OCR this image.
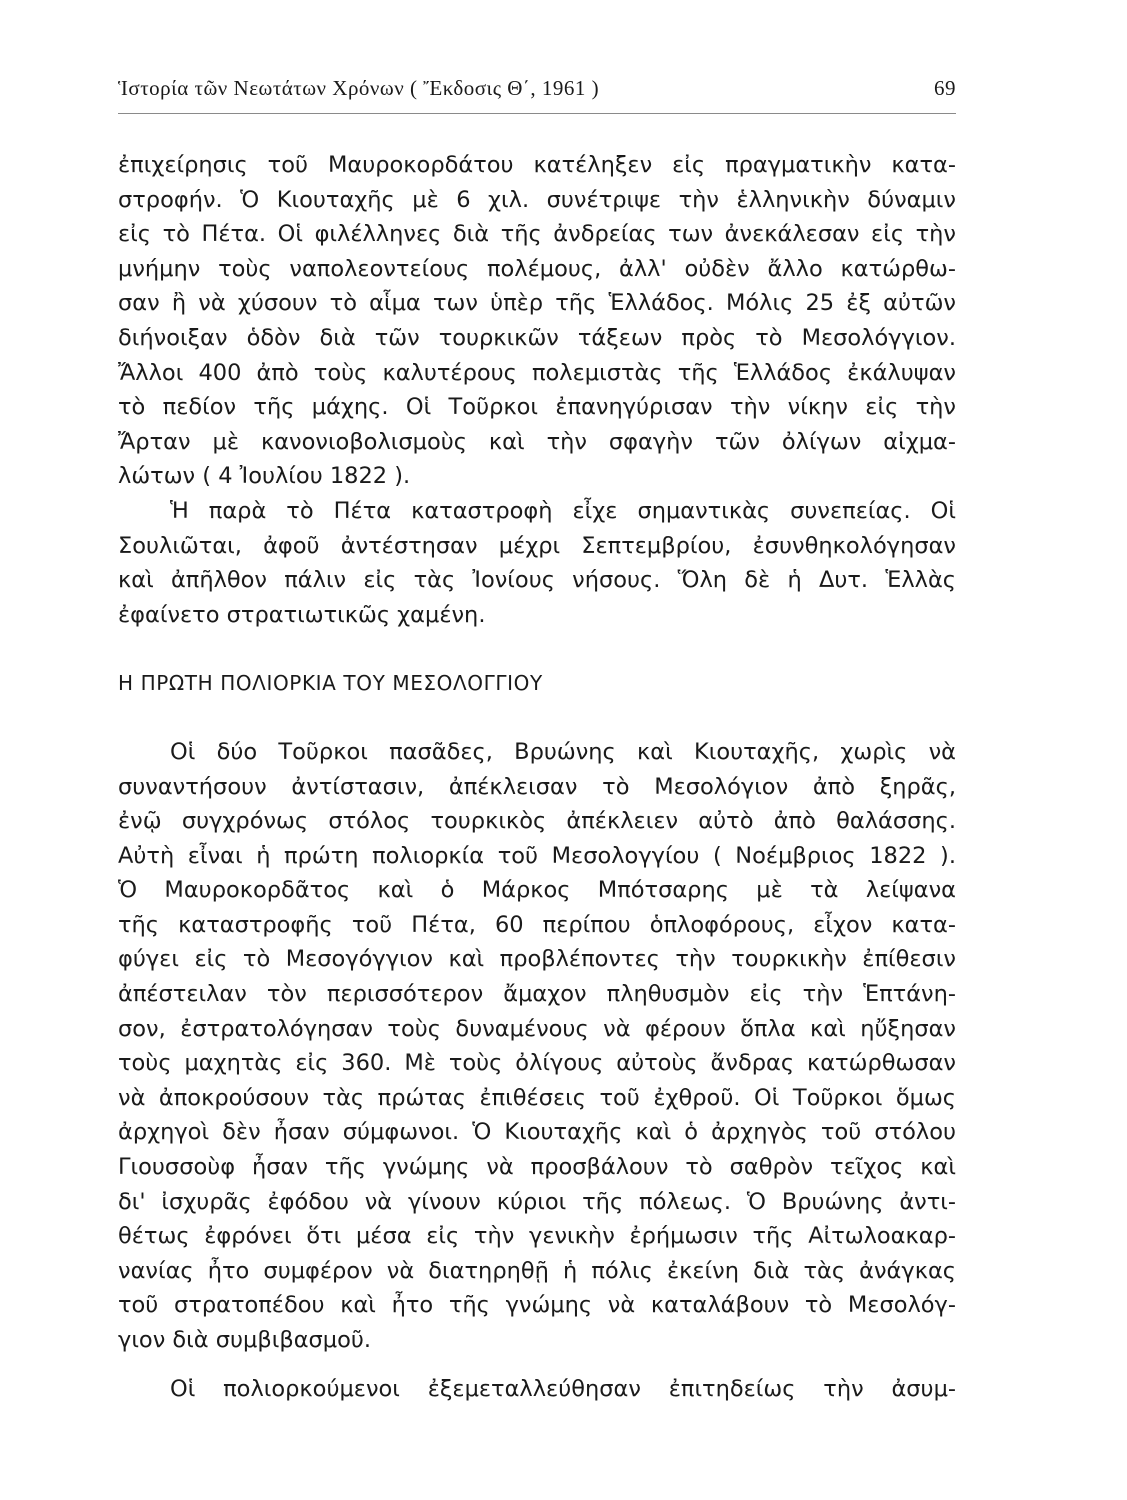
Ἱστορία τῶν Νεωτάτων Χρόνων ( Ἔκδοσις Θ΄, 1961 )	69
ἐπιχείρησις τοῦ Μαυροκορδάτου κατέληξεν εἰς πραγματικὴν κατα-
στροφήν. Ὁ Κιουταχῆς μὲ 6 χιλ. συνέτριψε τὴν ἑλληνικὴν δύναμιν
εἰς τὸ Πέτα. Οἱ φιλέλληνες διὰ τῆς ἀνδρείας των ἀνεκάλεσαν εἰς τὴν
μνήμην τοὺς ναπολεοντείους πολέμους, ἀλλ' οὐδὲν ἄλλο κατώρθω-
σαν ἢ νὰ χύσουν τὸ αἷμα των ὑπὲρ τῆς Ἑλλάδος. Μόλις 25 ἐξ αὐτῶν
διήνοιξαν ὁδὸν διὰ τῶν τουρκικῶν τάξεων πρὸς τὸ Μεσολόγγιον.
Ἄλλοι 400 ἀπὸ τοὺς καλυτέρους πολεμιστὰς τῆς Ἑλλάδος ἐκάλυψαν
τὸ πεδίον τῆς μάχης. Οἱ Τοῦρκοι ἐπανηγύρισαν τὴν νίκην εἰς τὴν
Ἄρταν μὲ κανονιοβολισμοὺς καὶ τὴν σφαγὴν τῶν ὀλίγων αἰχμα-
λώτων ( 4 Ἰουλίου 1822 ).
Ἡ παρὰ τὸ Πέτα καταστροφὴ εἶχε σημαντικὰς συνεπείας. Οἱ
Σουλιῶται, ἀφοῦ ἀντέστησαν μέχρι Σεπτεμβρίου, ἐσυνθηκολόγησαν
καὶ ἀπῆλθον πάλιν εἰς τὰς Ἰονίους νήσους. Ὅλη δὲ ἡ Δυτ. Ἑλλὰς
ἐφαίνετο στρατιωτικῶς χαμένη.
Η ΠΡΩΤΗ ΠΟΛΙΟΡΚΙΑ ΤΟΥ ΜΕΣΟΛΟΓΓΙΟΥ
Οἱ δύο Τοῦρκοι πασᾶδες, Βρυώνης καὶ Κιουταχῆς, χωρὶς νὰ
συναντήσουν ἀντίστασιν, ἀπέκλεισαν τὸ Μεσολόγιον ἀπὸ ξηρᾶς,
ἐνῷ συγχρόνως στόλος τουρκικὸς ἀπέκλειεν αὐτὸ ἀπὸ θαλάσσης.
Αὐτὴ εἶναι ἡ πρώτη πολιορκία τοῦ Μεσολογγίου ( Νοέμβριος 1822 ).
Ὁ Μαυροκορδᾶτος καὶ ὁ Μάρκος Μπότσαρης μὲ τὰ λείψανα
τῆς καταστροφῆς τοῦ Πέτα, 60 περίπου ὁπλοφόρους, εἶχον κατα-
φύγει εἰς τὸ Μεσογόγγιον καὶ προβλέποντες τὴν τουρκικὴν ἐπίθεσιν
ἀπέστειλαν τὸν περισσότερον ἄμαχον πληθυσμὸν εἰς τὴν Ἑπτάνη-
σον, ἐστρατολόγησαν τοὺς δυναμένους νὰ φέρουν ὅπλα καὶ ηὔξησαν
τοὺς μαχητὰς εἰς 360. Μὲ τοὺς ὀλίγους αὐτοὺς ἄνδρας κατώρθωσαν
νὰ ἀποκρούσουν τὰς πρώτας ἐπιθέσεις τοῦ ἐχθροῦ. Οἱ Τοῦρκοι ὅμως
ἀρχηγοὶ δὲν ἦσαν σύμφωνοι. Ὁ Κιουταχῆς καὶ ὁ ἀρχηγὸς τοῦ στόλου
Γιουσσοὺφ ἦσαν τῆς γνώμης νὰ προσβάλουν τὸ σαθρὸν τεῖχος καὶ
δι' ἰσχυρᾶς ἐφόδου νὰ γίνουν κύριοι τῆς πόλεως. Ὁ Βρυώνης ἀντι-
θέτως ἐφρόνει ὅτι μέσα εἰς τὴν γενικὴν ἐρήμωσιν τῆς Αἰτωλοακαρ-
νανίας ἦτο συμφέρον νὰ διατηρηθῇ ἡ πόλις ἐκείνη διὰ τὰς ἀνάγκας
τοῦ στρατοπέδου καὶ ἦτο τῆς γνώμης νὰ καταλάβουν τὸ Μεσολόγ-
γιον διὰ συμβιβασμοῦ.
Οἱ πολιορκούμενοι ἐξεμεταλλεύθησαν ἐπιτηδείως τὴν ἀσυμ-
